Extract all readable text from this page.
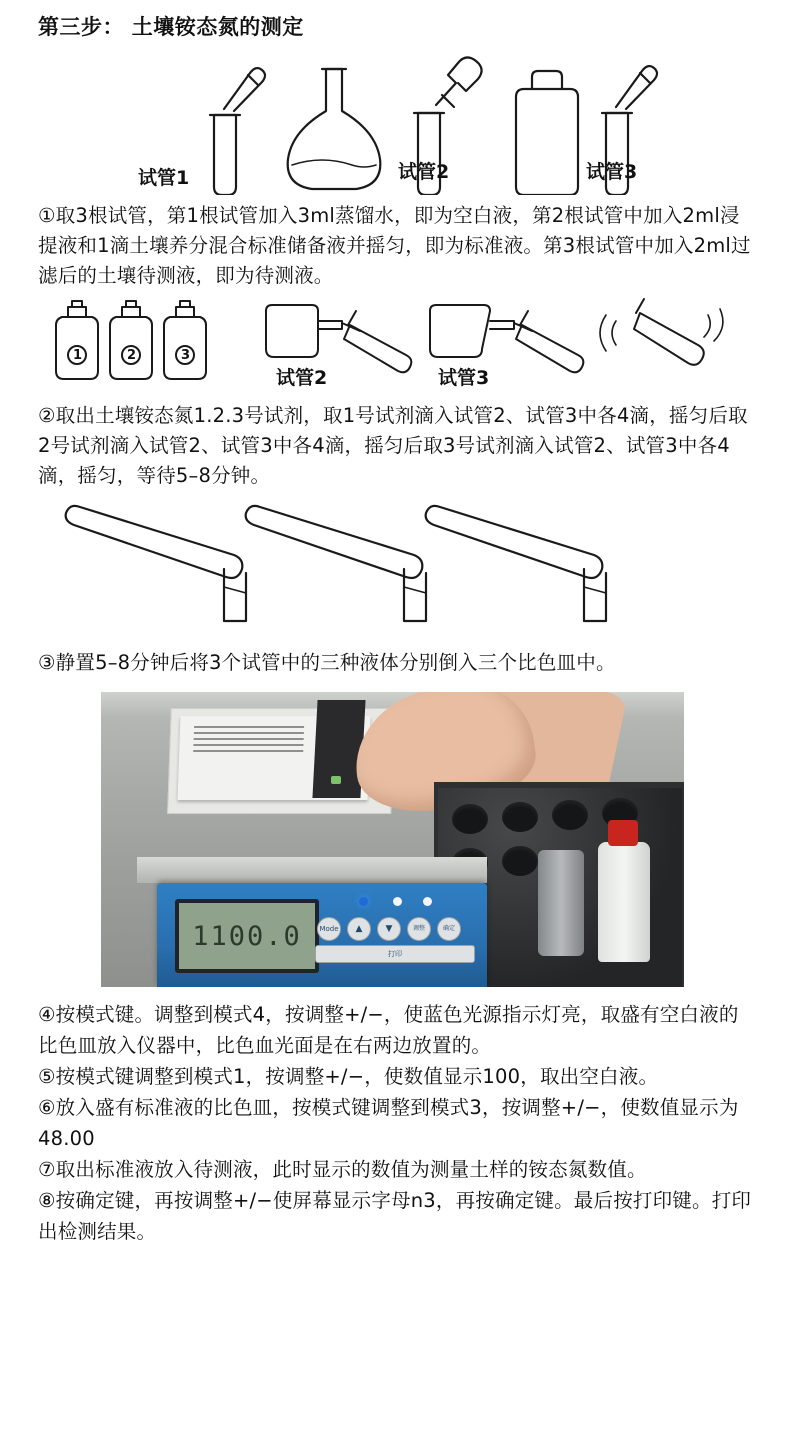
第三步： 土壤铵态氮的测定
试管1	试管2	试管3

①取3根试管，第1根试管加入3ml蒸馏水，即为空白液，第2根试管中加入2ml浸提液和1滴土壤养分混合标准储备液并摇匀，即为标准液。第3根试管中加入2ml过滤后的土壤待测液，即为待测液。

1	2	3
试管2	试管3

②取出土壤铵态氮1.2.3号试剂，取1号试剂滴入试管2、试管3中各4滴，摇匀后取2号试剂滴入试管2、试管3中各4滴，摇匀后取3号试剂滴入试管2、试管3中各4滴，摇匀，等待5–8分钟。

③静置5–8分钟后将3个试管中的三种液体分别倒入三个比色皿中。

1100.0	Mode	▲	▼	调整	确定
打印

④按模式键。调整到模式4，按调整+/−，使蓝色光源指示灯亮，取盛有空白液的比色皿放入仪器中，比色血光面是在右两边放置的。

⑤按模式键调整到模式1，按调整+/−，使数值显示100，取出空白液。

⑥放入盛有标准液的比色皿，按模式键调整到模式3，按调整+/−，使数值显示为48.00

⑦取出标准液放入待测液，此时显示的数值为测量土样的铵态氮数值。

⑧按确定键，再按调整+/−使屏幕显示字母n3，再按确定键。最后按打印键。打印出检测结果。
